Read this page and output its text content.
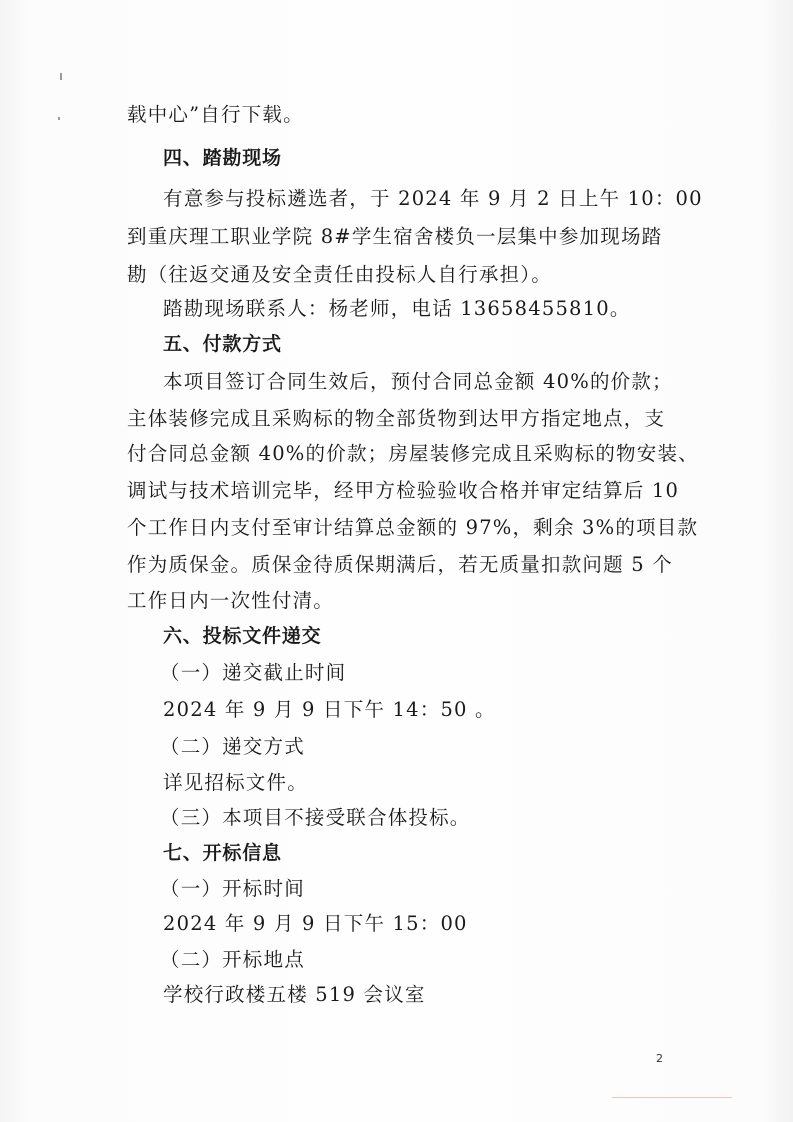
载中心”自行下载。
四、踏勘现场
有意参与投标遴选者，于 2024 年 9 月 2 日上午 10：00
到重庆理工职业学院 8#学生宿舍楼负一层集中参加现场踏
勘（往返交通及安全责任由投标人自行承担）。
踏勘现场联系人：杨老师，电话 13658455810。
五、付款方式
本项目签订合同生效后，预付合同总金额 40%的价款；
主体装修完成且采购标的物全部货物到达甲方指定地点，支
付合同总金额 40%的价款；房屋装修完成且采购标的物安装、
调试与技术培训完毕，经甲方检验验收合格并审定结算后 10
个工作日内支付至审计结算总金额的 97%，剩余 3%的项目款
作为质保金。质保金待质保期满后，若无质量扣款问题 5 个
工作日内一次性付清。
六、投标文件递交
（一）递交截止时间
2024 年 9 月 9 日下午 14：50 。
（二）递交方式
详见招标文件。
（三）本项目不接受联合体投标。
七、开标信息
（一）开标时间
2024 年 9 月 9 日下午 15：00
（二）开标地点
学校行政楼五楼 519 会议室
2
